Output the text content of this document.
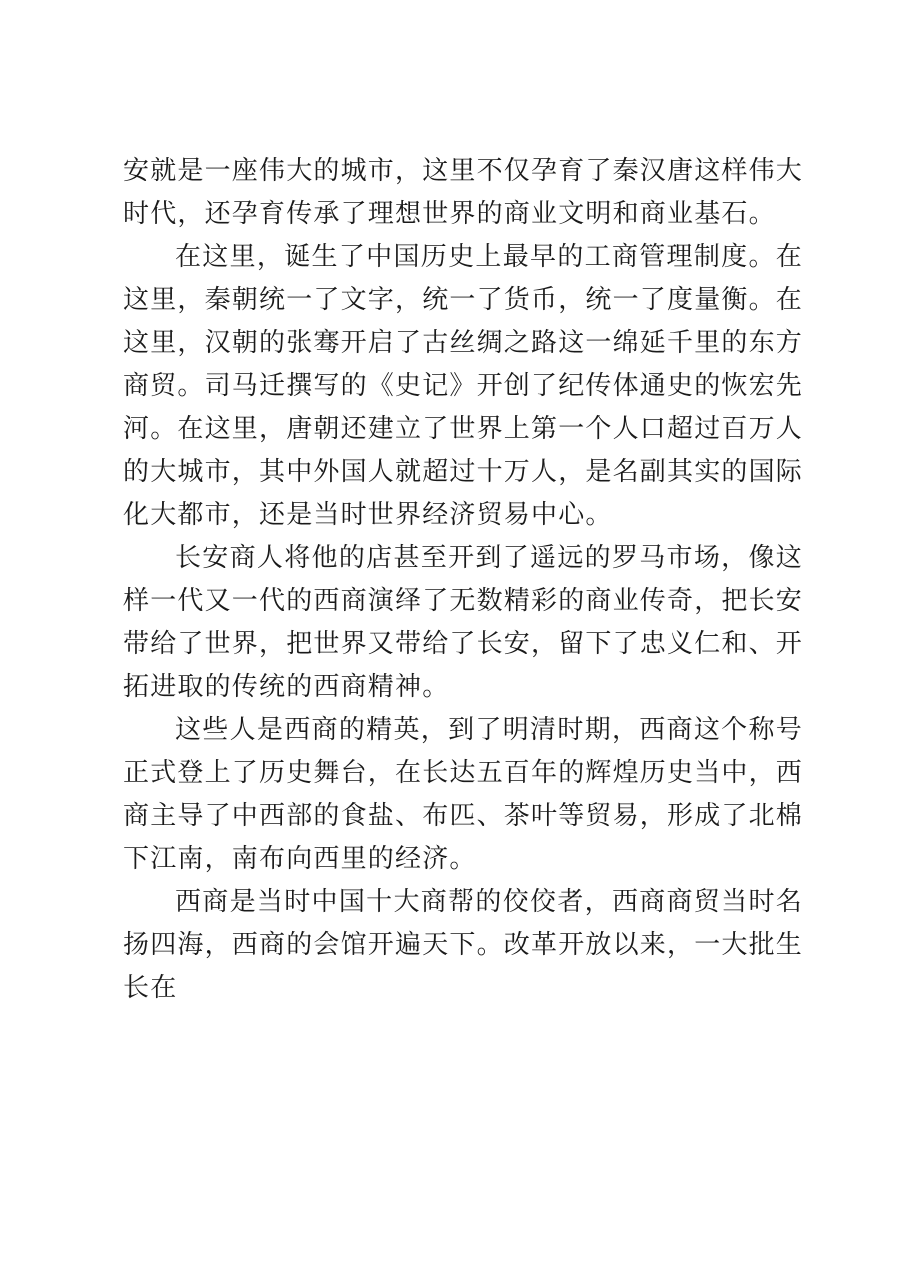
安就是一座伟大的城市，这里不仅孕育了秦汉唐这样伟大时代，还孕育传承了理想世界的商业文明和商业基石。

在这里，诞生了中国历史上最早的工商管理制度。在这里，秦朝统一了文字，统一了货币，统一了度量衡。在这里，汉朝的张骞开启了古丝绸之路这一绵延千里的东方商贸。司马迁撰写的《史记》开创了纪传体通史的恢宏先河。在这里，唐朝还建立了世界上第一个人口超过百万人的大城市，其中外国人就超过十万人，是名副其实的国际化大都市，还是当时世界经济贸易中心。

长安商人将他的店甚至开到了遥远的罗马市场，像这样一代又一代的西商演绎了无数精彩的商业传奇，把长安带给了世界，把世界又带给了长安，留下了忠义仁和、开拓进取的传统的西商精神。

这些人是西商的精英，到了明清时期，西商这个称号正式登上了历史舞台，在长达五百年的辉煌历史当中，西商主导了中西部的食盐、布匹、茶叶等贸易，形成了北棉下江南，南布向西里的经济。

西商是当时中国十大商帮的佼佼者，西商商贸当时名扬四海，西商的会馆开遍天下。改革开放以来，一大批生长在
